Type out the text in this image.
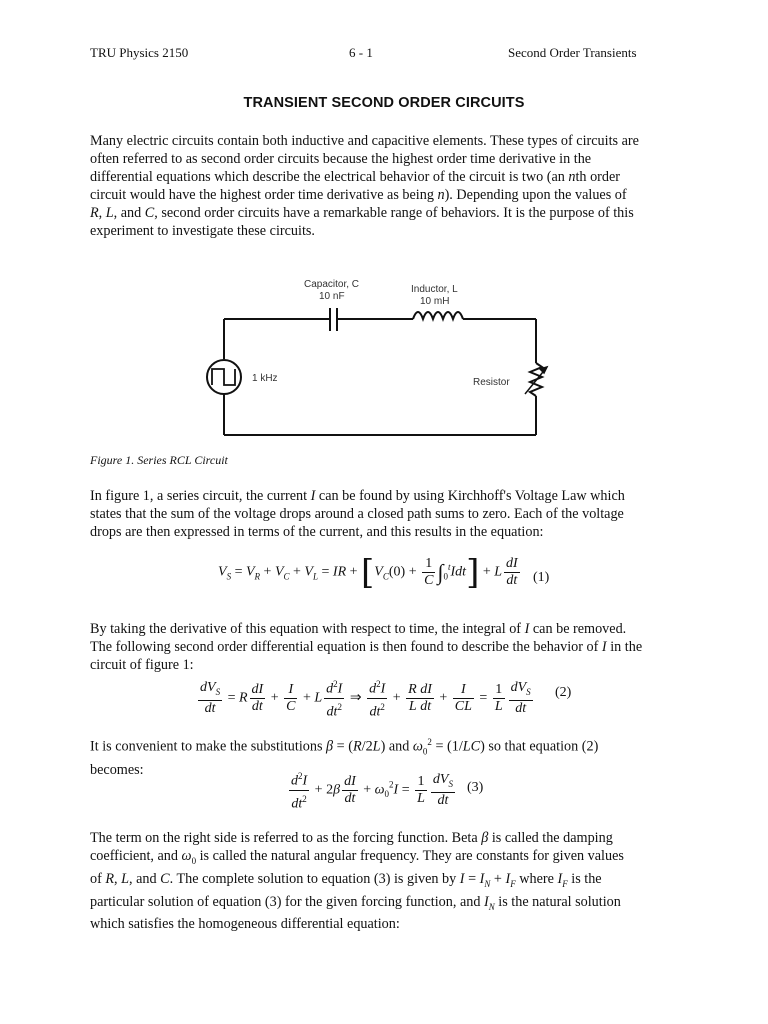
TRU Physics 2150	6 - 1	Second Order Transients
TRANSIENT SECOND ORDER CIRCUITS
Many electric circuits contain both inductive and capacitive elements. These types of circuits are
often referred to as second order circuits because the highest order time derivative in the
differential equations which describe the electrical behavior of the circuit is two (an nth order
circuit would have the highest order time derivative as being n). Depending upon the values of
R, L, and C, second order circuits have a remarkable range of behaviors. It is the purpose of this
experiment to investigate these circuits.
Capacitor, C
10 nF
Inductor, L
10 mH
1 kHz	Resistor
Figure 1. Series RCL Circuit
In figure 1, a series circuit, the current I can be found by using Kirchhoff's Voltage Law which
states that the sum of the voltage drops around a closed path sums to zero. Each of the voltage
drops are then expressed in terms of the current, and this results in the equation:
$V_S = V_R + V_C + V_L$ = IR + $[V_C(0) + \frac{1}{C} \int_0^tIdt] + L \frac{dI}{dt} (1)$
By taking the derivative of this equation with respect to time, the integral of I can be removed.
The following second order differential equation is then found to describe the behavior of I in the
circuit of figure 1:
$\frac{dV_S}{dt} = R \frac{dI}{dt} + \frac{I}{C} + L \frac{d^2I}{dt^2}$ ⇒ $\frac{d^2I}{dt^2} + \frac{\text{R dI}}{\text{L dt}} + \frac{I}{CL} = \frac{1}{L} \frac{dV_S}{dt} (2)$
It is convenient to make the substitutions β = (R/2L) and $\omega_0^2 = (1/LC)$ so that equation (2)
becomes:	$\frac{d^2I}{dt^2} + 2\beta \frac{dI}{dt} + \omega_0^2I = \frac{1}{L} \frac{dV_S}{dt} (3)$
The term on the right side is referred to as the forcing function. Beta β is called the damping
coefficient, and $\omega_0$ is called the natural angular frequency. They are constants for given values
of R, L, and C. The complete solution to equation (3) is given by $I = I_N + I_F$ where $I_F$ is the
particular solution of equation (3) for the given forcing function, and $I_N$ is the natural solution
which satisfies the homogeneous differential equation:
